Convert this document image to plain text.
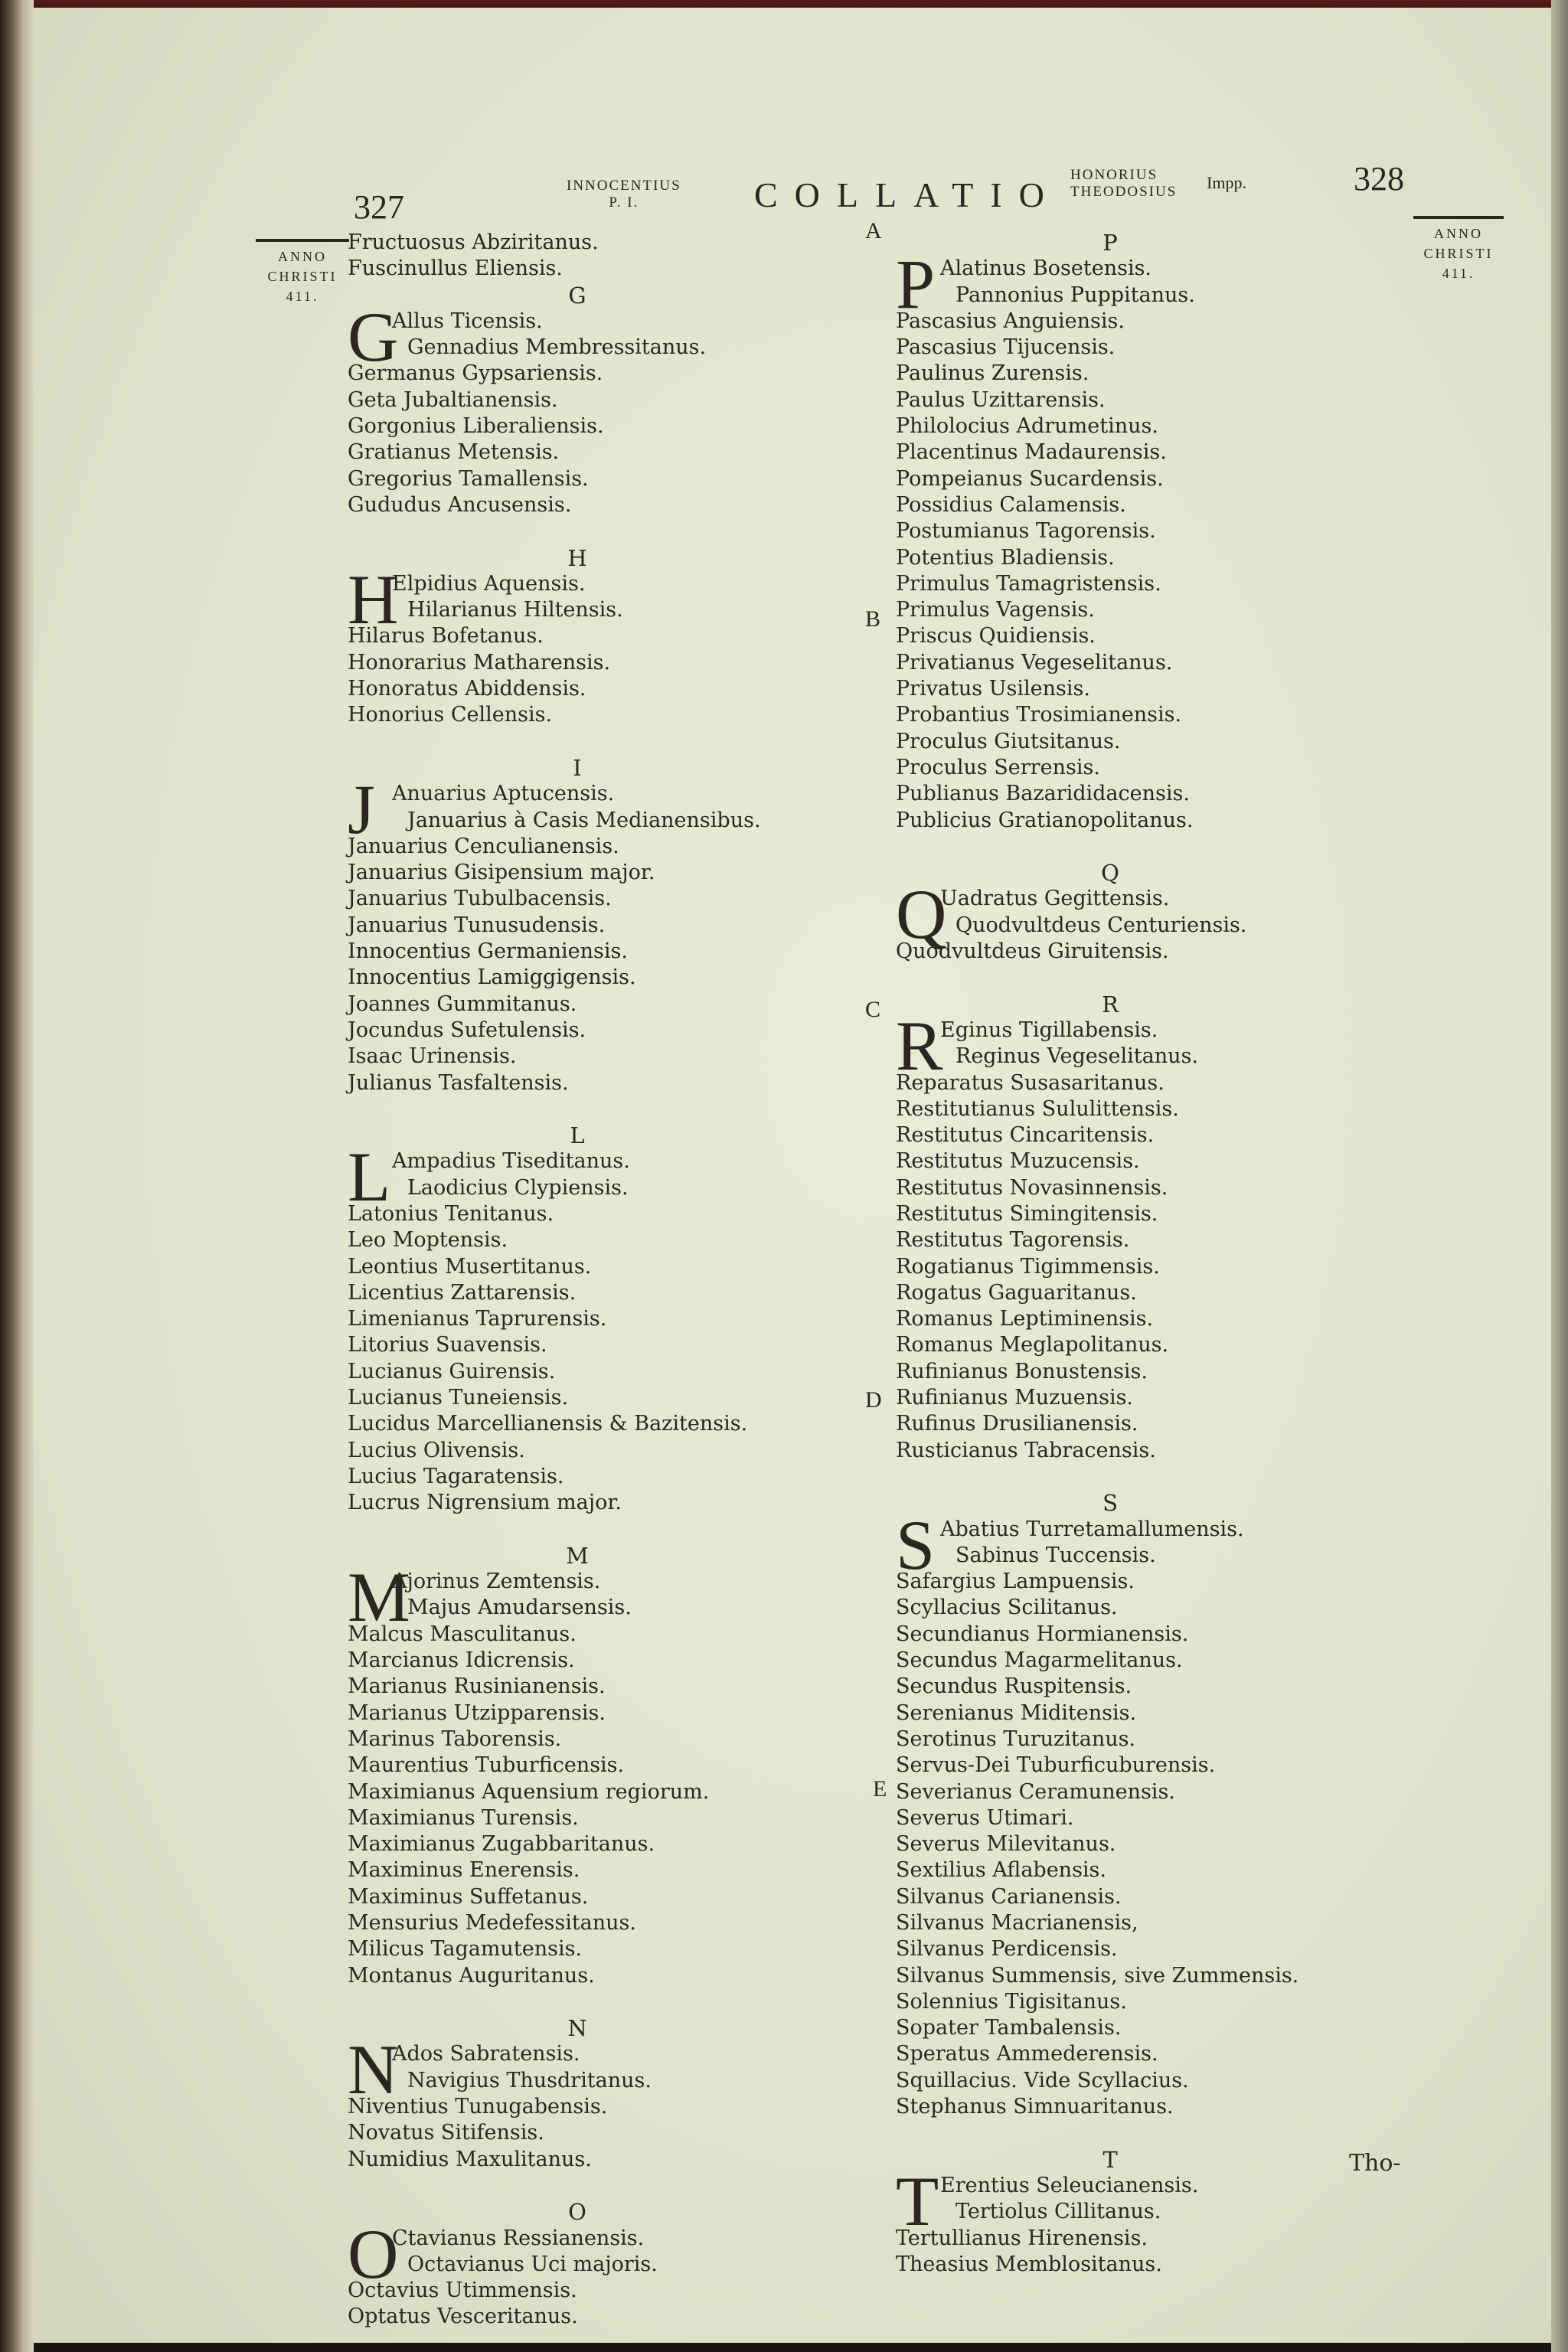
327
INNOCENTIUS
P. I.	COLLATIO
HONORIUS
THEODOSIUS Impp.	328
ANNO
CHRISTI
411.
ANNO
CHRISTI
411.
A
B
C
D
E
Fructuosus Abziritanus.
Fuscinullus Eliensis.
G
G
Allus Ticensis.
Gennadius Membressitanus.
Germanus Gypsariensis.
Geta Jubaltianensis.
Gorgonius Liberaliensis.
Gratianus Metensis.
Gregorius Tamallensis.
Gududus Ancusensis.
H
H
Elpidius Aquensis.
Hilarianus Hiltensis.
Hilarus Bofetanus.
Honorarius Matharensis.
Honoratus Abiddensis.
Honorius Cellensis.
I
J Anuarius Aptucensis.
Januarius à Casis Medianensibus.
Januarius Cenculianensis.
Januarius Gisipensium major.
Januarius Tubulbacensis.
Januarius Tunusudensis.
Innocentius Germaniensis.
Innocentius Lamiggigensis.
Joannes Gummitanus.
Jocundus Sufetulensis.
Isaac Urinensis.
Julianus Tasfaltensis.
L
L Ampadius Tiseditanus.
Laodicius Clypiensis.
Latonius Tenitanus.
Leo Moptensis.
Leontius Musertitanus.
Licentius Zattarensis.
Limenianus Taprurensis.
Litorius Suavensis.
Lucianus Guirensis.
Lucianus Tuneiensis.
Lucidus Marcellianensis & Bazitensis.
Lucius Olivensis.
Lucius Tagaratensis.
Lucrus Nigrensium major.
M
M
Ajorinus Zemtensis.
Majus Amudarsensis.
Malcus Masculitanus.
Marcianus Idicrensis.
Marianus Rusinianensis.
Marianus Utzipparensis.
Marinus Taborensis.
Maurentius Tuburficensis.
Maximianus Aquensium regiorum.
Maximianus Turensis.
Maximianus Zugabbaritanus.
Maximinus Enerensis.
Maximinus Suffetanus.
Mensurius Medefessitanus.
Milicus Tagamutensis.
Montanus Auguritanus.
N
N
Ados Sabratensis.
Navigius Thusdritanus.
Niventius Tunugabensis.
Novatus Sitifensis.
Numidius Maxulitanus.
O
O
Ctavianus Ressianensis.
Octavianus Uci majoris.
Octavius Utimmensis.
Optatus Vesceritanus.
P
P Alatinus Bosetensis.
Pannonius Puppitanus.
Pascasius Anguiensis.
Pascasius Tijucensis.
Paulinus Zurensis.
Paulus Uzittarensis.
Philolocius Adrumetinus.
Placentinus Madaurensis.
Pompeianus Sucardensis.
Possidius Calamensis.
Postumianus Tagorensis.
Potentius Bladiensis.
Primulus Tamagristensis.
Primulus Vagensis.
Priscus Quidiensis.
Privatianus Vegeselitanus.
Privatus Usilensis.
Probantius Trosimianensis.
Proculus Giutsitanus.
Proculus Serrensis.
Publianus Bazarididacensis.
Publicius Gratianopolitanus.
Q
Q
Uadratus Gegittensis.
Quodvultdeus Centuriensis.
Quodvultdeus Giruitensis.
R
R
Eginus Tigillabensis.
Reginus Vegeselitanus.
Reparatus Susasaritanus.
Restitutianus Sululittensis.
Restitutus Cincaritensis.
Restitutus Muzucensis.
Restitutus Novasinnensis.
Restitutus Simingitensis.
Restitutus Tagorensis.
Rogatianus Tigimmensis.
Rogatus Gaguaritanus.
Romanus Leptiminensis.
Romanus Meglapolitanus.
Rufinianus Bonustensis.
Rufinianus Muzuensis.
Rufinus Drusilianensis.
Rusticianus Tabracensis.
S
S Abatius Turretamallumensis.
Sabinus Tuccensis.
Safargius Lampuensis.
Scyllacius Scilitanus.
Secundianus Hormianensis.
Secundus Magarmelitanus.
Secundus Ruspitensis.
Serenianus Miditensis.
Serotinus Turuzitanus.
Servus-Dei Tuburficuburensis.
Severianus Ceramunensis.
Severus Utimari.
Severus Milevitanus.
Sextilius Aflabensis.
Silvanus Carianensis.
Silvanus Macrianensis,
Silvanus Perdicensis.
Silvanus Summensis, sive Zummensis.
Solennius Tigisitanus.
Sopater Tambalensis.
Speratus Ammederensis.
Squillacius. Vide Scyllacius.
Stephanus Simnuaritanus.
T
T Erentius Seleucianensis.
Tertiolus Cillitanus.
Tertullianus Hirenensis.
Theasius Memblositanus.
Tho-
